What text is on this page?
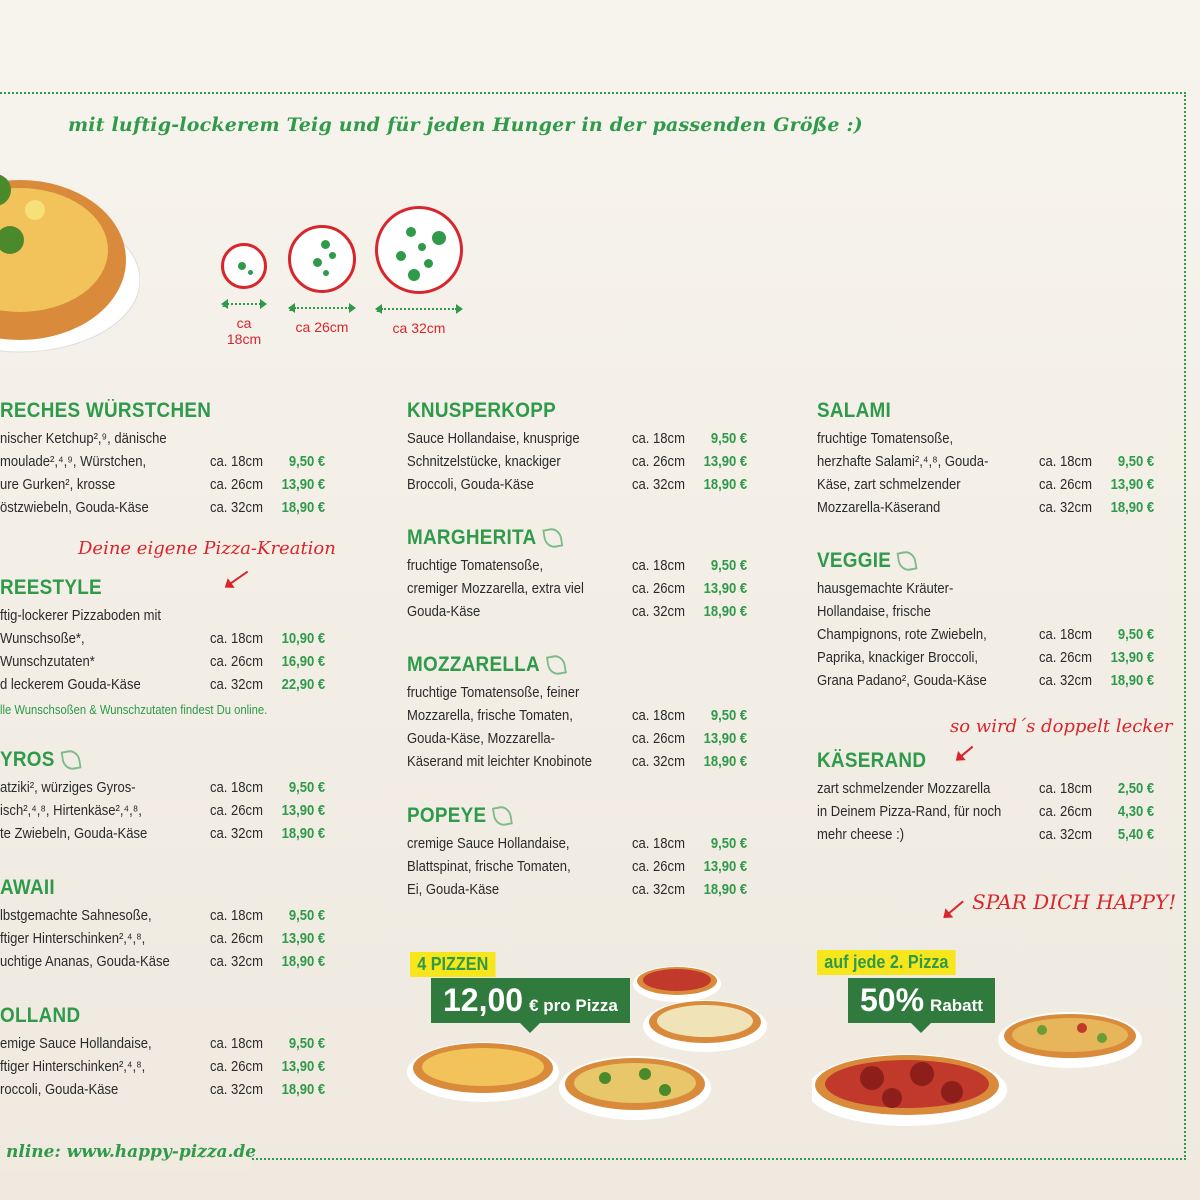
mit luftig-lockerem Teig und für jeden Hunger in der passenden Größe :)
ca 18cm
ca 26cm	ca 32cm
RECHES WÜRSTCHEN
nischer Ketchup²,⁹, dänische
moulade²,⁴,⁹, Würstchen,
ure Gurken², krosse
östzwiebeln, Gouda-Käse
ca. 18cm	9,50 €
ca. 26cm	13,90 €
ca. 32cm	18,90 €
Deine eigene Pizza-Kreation
REESTYLE
ftig-lockerer Pizzaboden mit
Wunschsoße*,
Wunschzutaten*
d leckerem Gouda-Käse
ca. 18cm	10,90 €
ca. 26cm	16,90 €
ca. 32cm	22,90 €
lle Wunschsoßen & Wunschzutaten findest Du online.
YROS
atziki², würziges Gyros-
isch²,⁴,⁸, Hirtenkäse²,⁴,⁸,
te Zwiebeln, Gouda-Käse
ca. 18cm	9,50 €
ca. 26cm	13,90 €
ca. 32cm	18,90 €
AWAII
lbstgemachte Sahnesoße,
ftiger Hinterschinken²,⁴,⁸,
uchtige Ananas, Gouda-Käse
ca. 18cm	9,50 €
ca. 26cm	13,90 €
ca. 32cm	18,90 €
OLLAND
emige Sauce Hollandaise,
ftiger Hinterschinken²,⁴,⁸,
roccoli, Gouda-Käse
ca. 18cm	9,50 €
ca. 26cm	13,90 €
ca. 32cm	18,90 €
KNUSPERKOPP
Sauce Hollandaise, knusprige
Schnitzelstücke, knackiger
Broccoli, Gouda-Käse
ca. 18cm	9,50 €
ca. 26cm	13,90 €
ca. 32cm	18,90 €
MARGHERITA
fruchtige Tomatensoße,
cremiger Mozzarella, extra viel
Gouda-Käse
ca. 18cm	9,50 €
ca. 26cm	13,90 €
ca. 32cm	18,90 €
MOZZARELLA
fruchtige Tomatensoße, feiner
Mozzarella, frische Tomaten,
Gouda-Käse, Mozzarella-
Käserand mit leichter Knobinote
ca. 18cm	9,50 €
ca. 26cm	13,90 €
ca. 32cm	18,90 €
POPEYE
cremige Sauce Hollandaise,
Blattspinat, frische Tomaten,
Ei, Gouda-Käse
ca. 18cm	9,50 €
ca. 26cm	13,90 €
ca. 32cm	18,90 €
SALAMI
fruchtige Tomatensoße,
herzhafte Salami²,⁴,⁸, Gouda-
Käse, zart schmelzender
Mozzarella-Käserand
ca. 18cm	9,50 €
ca. 26cm	13,90 €
ca. 32cm	18,90 €
VEGGIE
hausgemachte Kräuter-
Hollandaise, frische
Champignons, rote Zwiebeln,
Paprika, knackiger Broccoli,
Grana Padano², Gouda-Käse
ca. 18cm	9,50 €
ca. 26cm	13,90 €
ca. 32cm	18,90 €
so wird´s doppelt lecker
KÄSERAND
zart schmelzender Mozzarella
in Deinem Pizza-Rand, für noch
mehr cheese :)
ca. 18cm	2,50 €
ca. 26cm	4,30 €
ca. 32cm	5,40 €
SPAR DICH HAPPY!
4 PIZZEN
12,00 € pro Pizza
auf jede 2. Pizza
50% Rabatt
nline: www.happy-pizza.de
